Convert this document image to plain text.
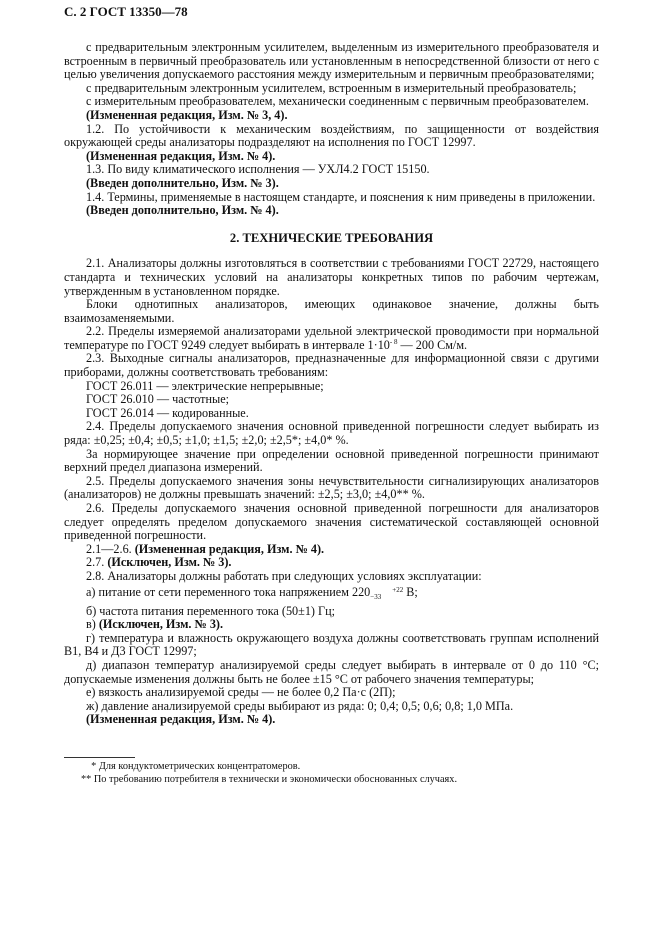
С. 2 ГОСТ 13350—78

с предварительным электронным усилителем, выделенным из измерительного преобразователя и встроенным в первичный преобразователь или установленным в непосредственной близости от него с целью увеличения допускаемого расстояния между измерительным и первичным преобразователями;

с предварительным электронным усилителем, встроенным в измерительный преобразователь;

с измерительным преобразователем, механически соединенным с первичным преобразователем.

(Измененная редакция, Изм. № 3, 4).

1.2. По устойчивости к механическим воздействиям, по защищенности от воздействия окружающей среды анализаторы подразделяют на исполнения по ГОСТ 12997.

(Измененная редакция, Изм. № 4).

1.3. По виду климатического исполнения — УХЛ4.2 ГОСТ 15150.

(Введен дополнительно, Изм. № 3).

1.4. Термины, применяемые в настоящем стандарте, и пояснения к ним приведены в приложении.

(Введен дополнительно, Изм. № 4).

2. ТЕХНИЧЕСКИЕ ТРЕБОВАНИЯ

2.1. Анализаторы должны изготовляться в соответствии с требованиями ГОСТ 22729, настоящего стандарта и технических условий на анализаторы конкретных типов по рабочим чертежам, утвержденным в установленном порядке.

Блоки однотипных анализаторов, имеющих одинаковое значение, должны быть взаимозаменяемыми.

2.2. Пределы измеряемой анализаторами удельной электрической проводимости при нормальной температуре по ГОСТ 9249 следует выбирать в интервале $1\cdot 10^{- 8}$ — 200 См/м.

2.3. Выходные сигналы анализаторов, предназначенные для информационной связи с другими приборами, должны соответствовать требованиям:

ГОСТ 26.011 — электрические непрерывные;

ГОСТ 26.010 — частотные;

ГОСТ 26.014 — кодированные.

2.4. Пределы допускаемого значения основной приведенной погрешности следует выбирать из ряда: ±0,25; ±0,4; ±0,5; ±1,0; ±1,5; ±2,0; ±2,5*; ±4,0* %.

За нормирующее значение при определении основной приведенной погрешности принимают верхний предел диапазона измерений.

2.5. Пределы допускаемого значения зоны нечувствительности сигнализирующих анализаторов (анализаторов) не должны превышать значений: ±2,5; ±3,0; ±4,0** %.

2.6. Пределы допускаемого значения основной приведенной погрешности для анализаторов следует определять пределом допускаемого значения систематической составляющей основной приведенной погрешности.

2.1—2.6. (Измененная редакция, Изм. № 4).

2.7. (Исключен, Изм. № 3).

2.8. Анализаторы должны работать при следующих условиях эксплуатации:

а) питание от сети переменного тока напряжением 220	+22
−33 В;

б) частота питания переменного тока (50±1) Гц;

в) (Исключен, Изм. № 3).

г) температура и влажность окружающего воздуха должны соответствовать группам исполнений В1, В4 и Д3 ГОСТ 12997;

д) диапазон температур анализируемой среды следует выбирать в интервале от 0 до 110 °С; допускаемые изменения должны быть не более ±15 °С от рабочего значения температуры;

е) вязкость анализируемой среды — не более 0,2 Па·с (2П);

ж) давление анализируемой среды выбирают из ряда: 0; 0,4; 0,5; 0,6; 0,8; 1,0 МПа.

(Измененная редакция, Изм. № 4).

* Для кондуктометрических концентратомеров.
** По требованию потребителя в технически и экономически обоснованных случаях.
